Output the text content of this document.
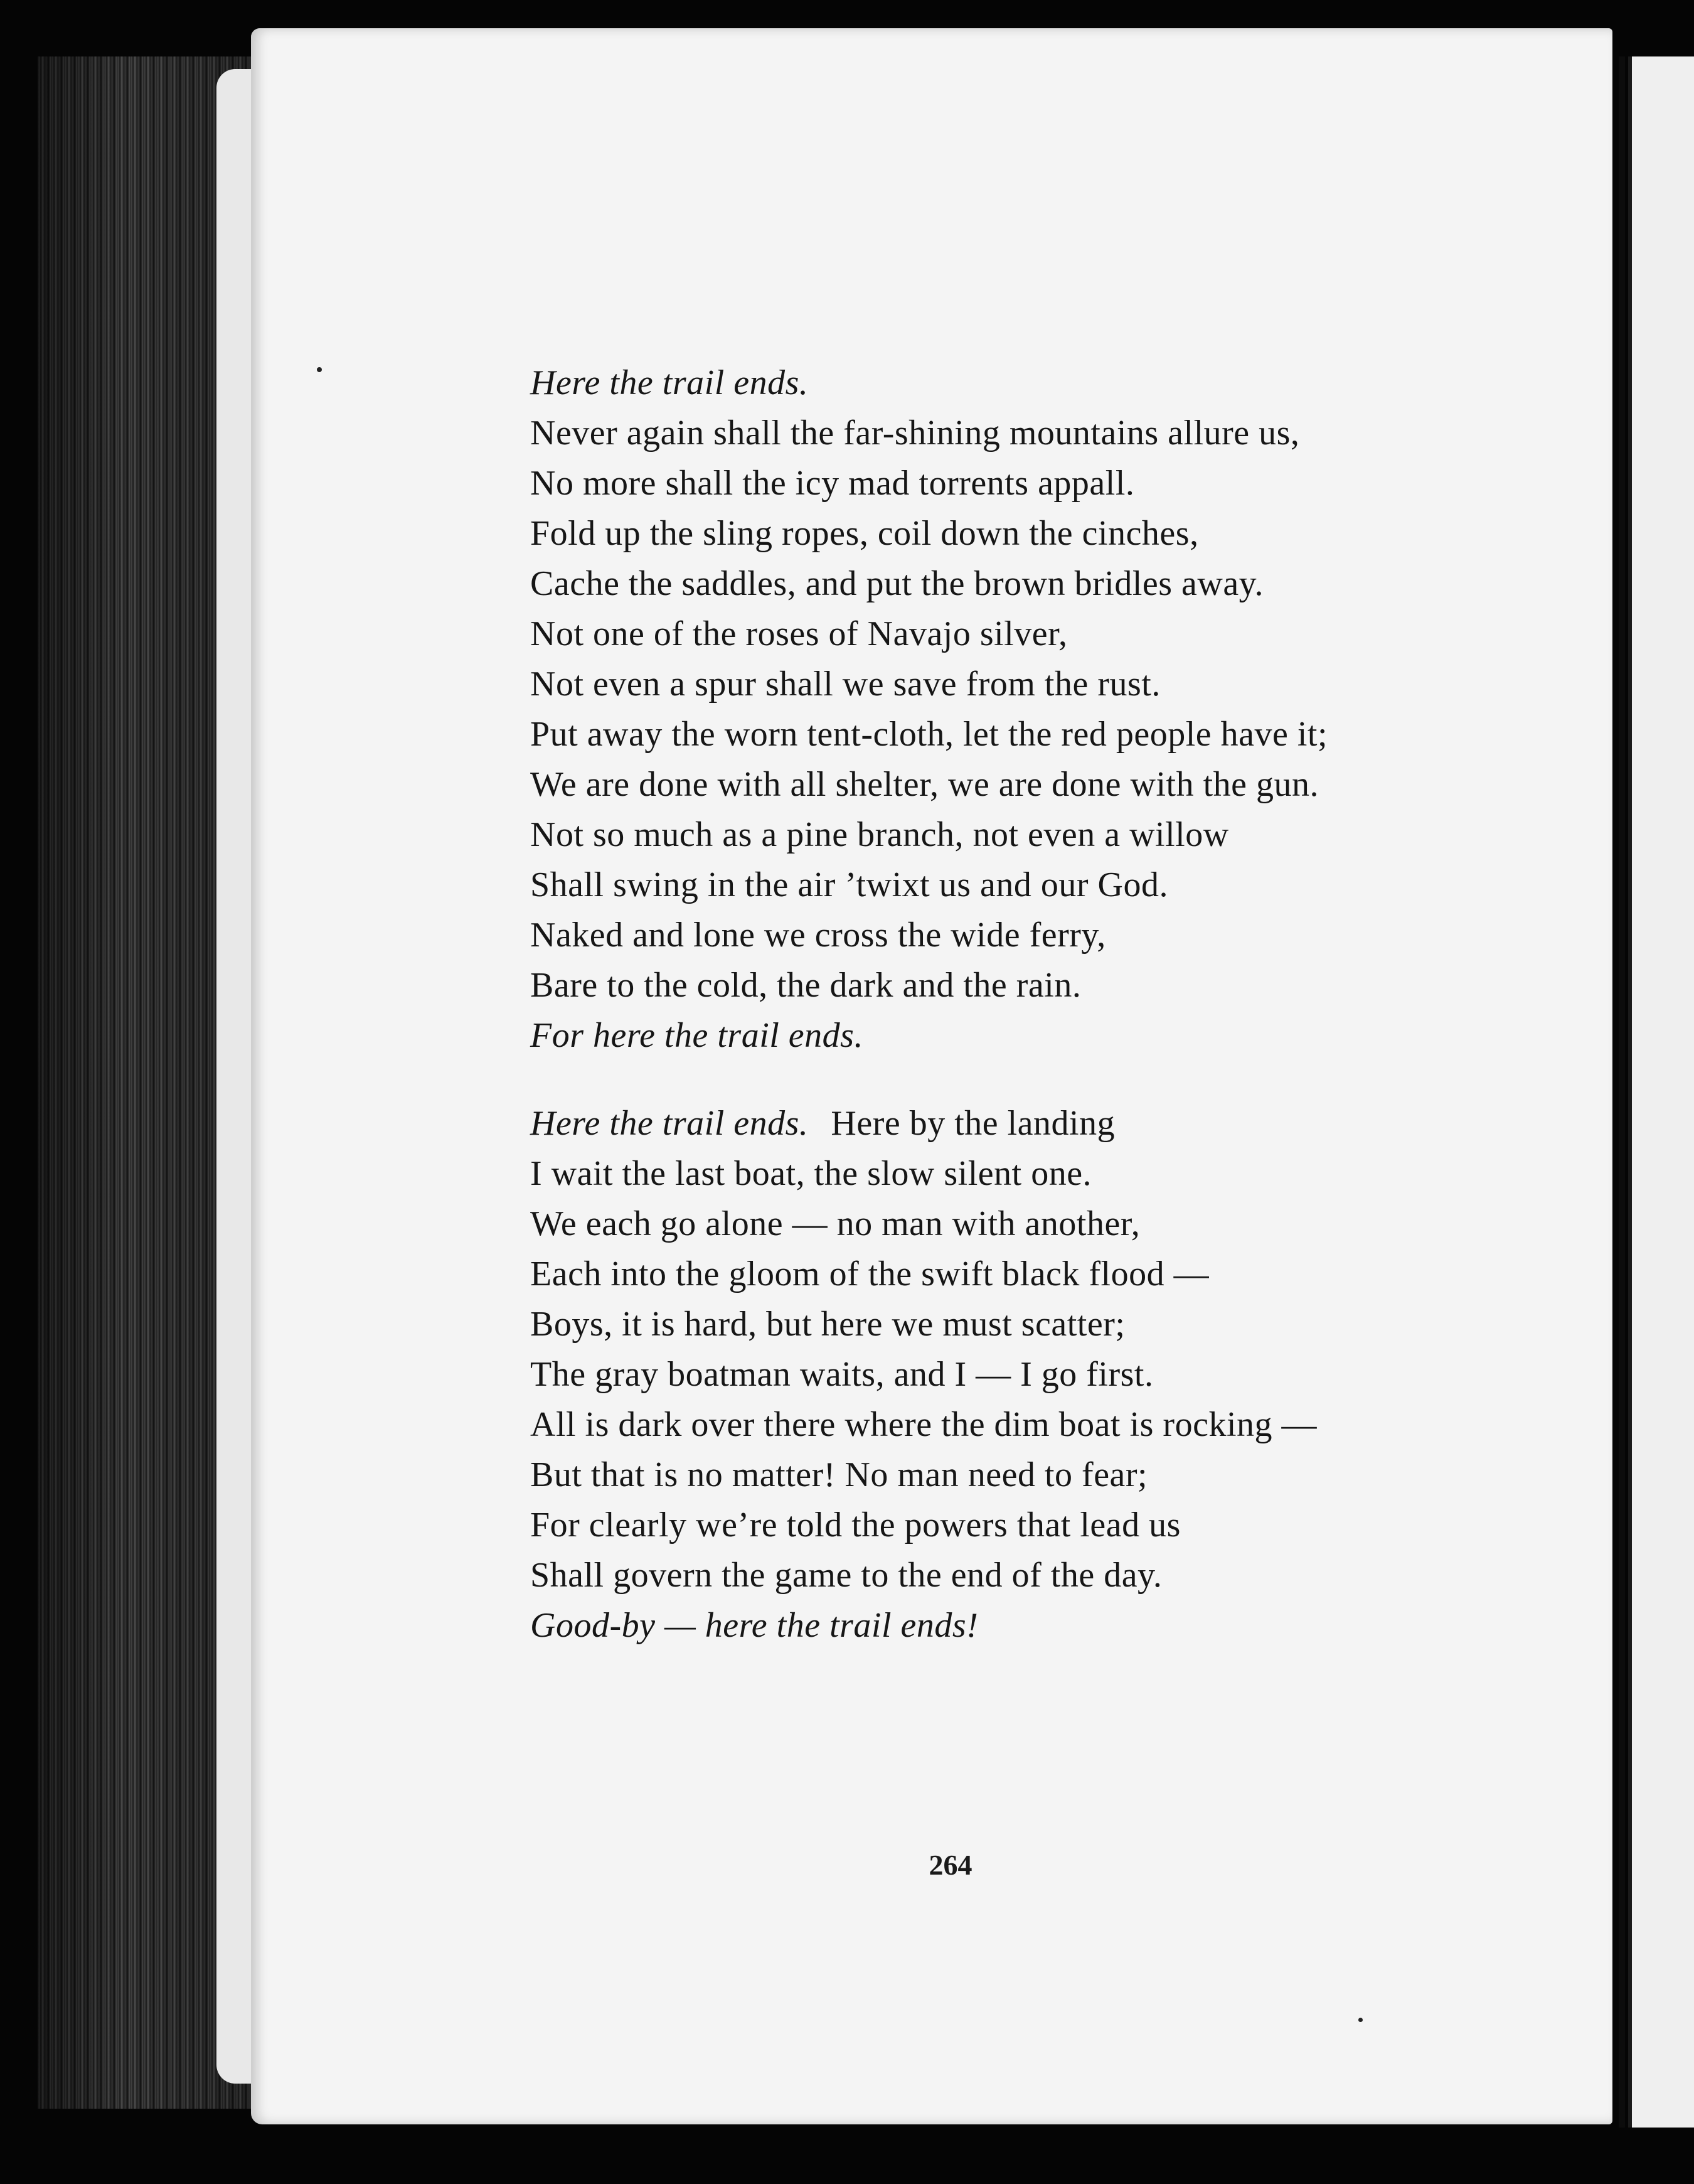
264
Here the trail ends.
Never again shall the far-shining mountains allure us,
No more shall the icy mad torrents appall.
Fold up the sling ropes, coil down the cinches,
Cache the saddles, and put the brown bridles away.
Not one of the roses of Navajo silver,
Not even a spur shall we save from the rust.
Put away the worn tent-cloth, let the red people have it;
We are done with all shelter, we are done with the gun.
Not so much as a pine branch, not even a willow
Shall swing in the air ’twixt us and our God.
Naked and lone we cross the wide ferry,
Bare to the cold, the dark and the rain.
For here the trail ends.
Here the trail ends. Here by the landing
I wait the last boat, the slow silent one.
We each go alone — no man with another,
Each into the gloom of the swift black flood —
Boys, it is hard, but here we must scatter;
The gray boatman waits, and I — I go first.
All is dark over there where the dim boat is rocking —
But that is no matter! No man need to fear;
For clearly we’re told the powers that lead us
Shall govern the game to the end of the day.
Good-by — here the trail ends!
